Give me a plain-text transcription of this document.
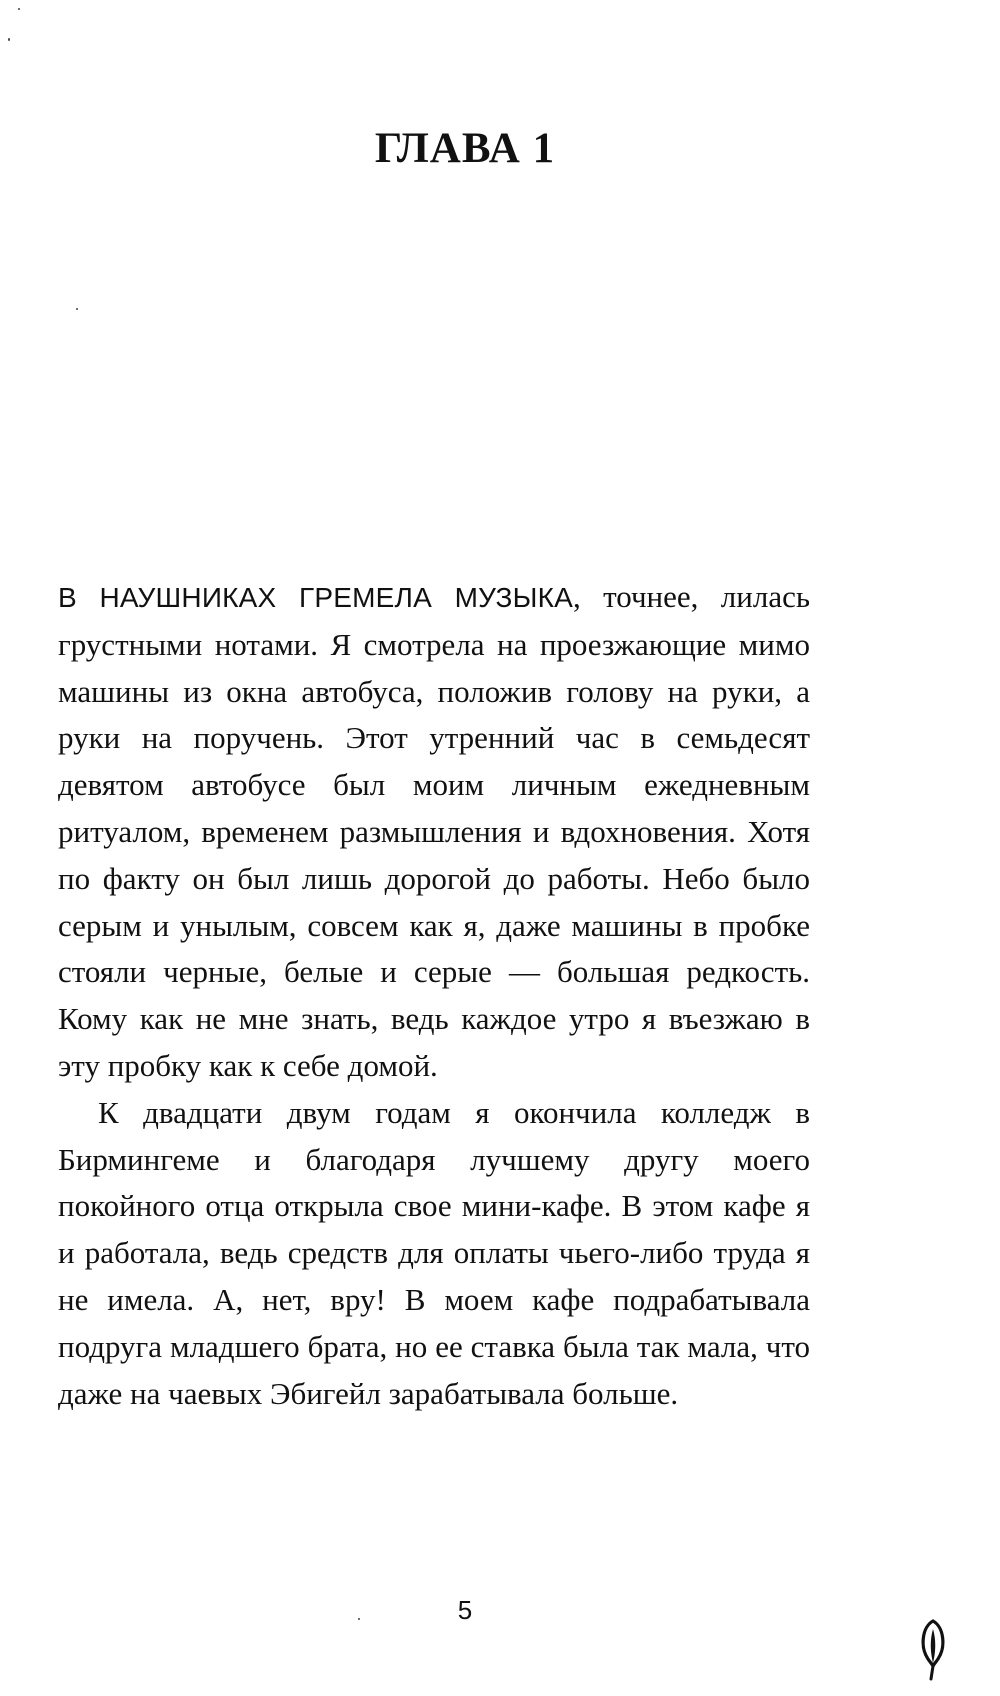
ГЛАВА 1

В НАУШНИКАХ ГРЕМЕЛА МУЗЫКА, точнее, лилась грустными нотами. Я смотрела на проезжающие мимо машины из окна автобуса, положив голову на руки, а руки на поручень. Этот утренний час в семьдесят девятом автобусе был моим личным ежедневным ритуалом, временем размышления и вдохновения. Хотя по факту он был лишь дорогой до работы. Небо было серым и унылым, совсем как я, даже машины в пробке стояли черные, белые и серые — большая редкость. Кому как не мне знать, ведь каждое утро я въезжаю в эту пробку как к себе домой.

К двадцати двум годам я окончила колледж в Бирмингеме и благодаря лучшему другу моего покойного отца открыла свое мини-кафе. В этом кафе я и работала, ведь средств для оплаты чьего-либо труда я не имела. А, нет, вру! В моем кафе подрабатывала подруга младшего брата, но ее ставка была так мала, что даже на чаевых Эбигейл зарабатывала больше.

5
